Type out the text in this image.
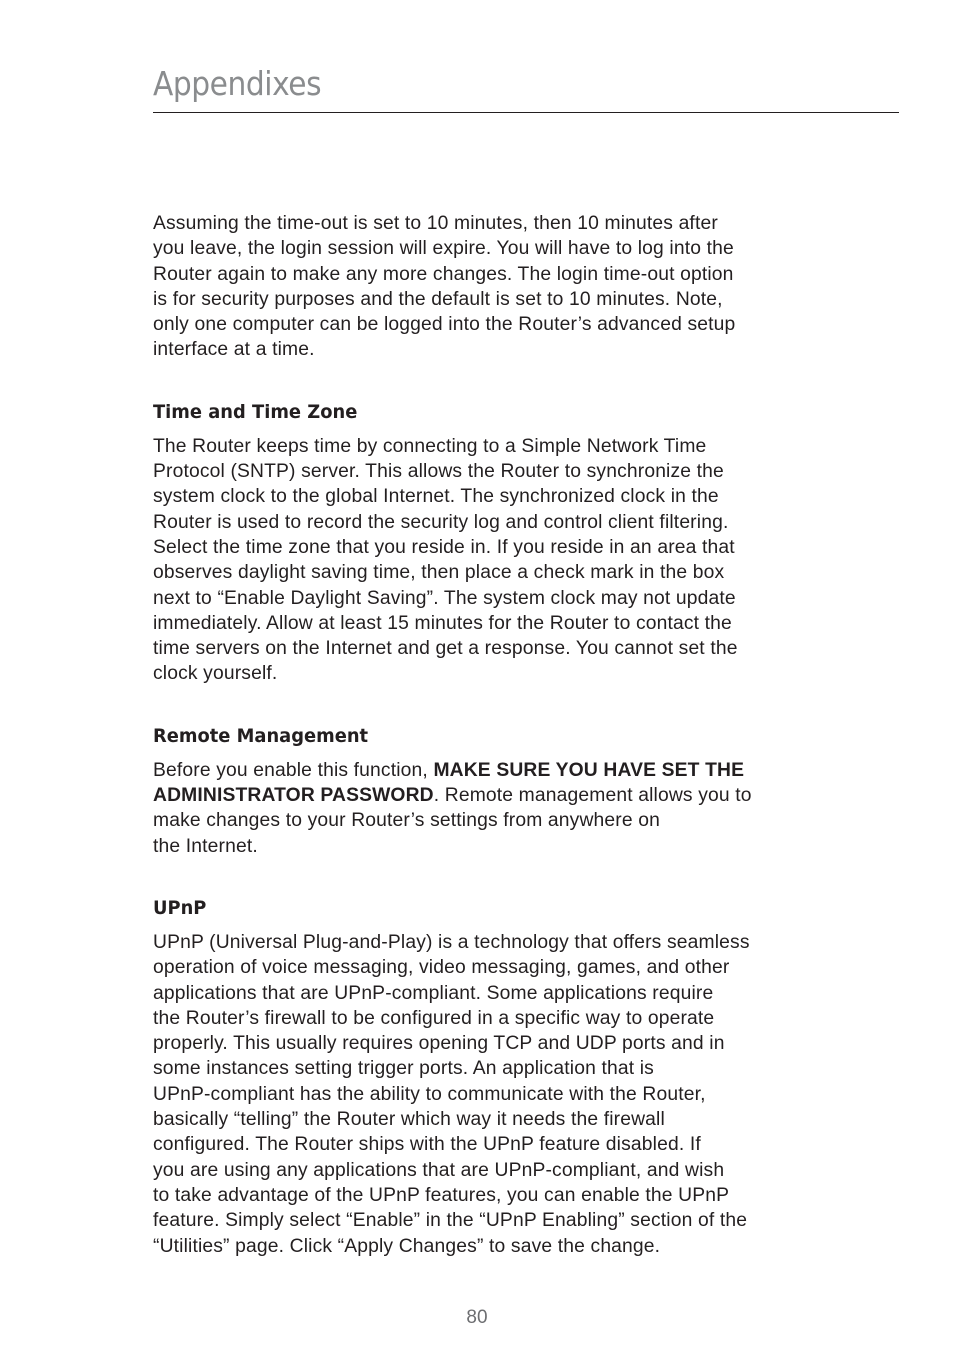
Appendixes

Assuming the time-out is set to 10 minutes, then 10 minutes after
you leave, the login session will expire. You will have to log into the
Router again to make any more changes. The login time-out option
is for security purposes and the default is set to 10 minutes. Note,
only one computer can be logged into the Router’s advanced setup
interface at a time.

Time and Time Zone

The Router keeps time by connecting to a Simple Network Time
Protocol (SNTP) server. This allows the Router to synchronize the
system clock to the global Internet. The synchronized clock in the
Router is used to record the security log and control client filtering.
Select the time zone that you reside in. If you reside in an area that
observes daylight saving time, then place a check mark in the box
next to “Enable Daylight Saving”. The system clock may not update
immediately. Allow at least 15 minutes for the Router to contact the
time servers on the Internet and get a response. You cannot set the
clock yourself.

Remote Management

Before you enable this function, MAKE SURE YOU HAVE SET THE
ADMINISTRATOR PASSWORD. Remote management allows you to
make changes to your Router’s settings from anywhere on
the Internet.

UPnP

UPnP (Universal Plug-and-Play) is a technology that offers seamless
operation of voice messaging, video messaging, games, and other
applications that are UPnP-compliant. Some applications require
the Router’s firewall to be configured in a specific way to operate
properly. This usually requires opening TCP and UDP ports and in
some instances setting trigger ports. An application that is
UPnP-compliant has the ability to communicate with the Router,
basically “telling” the Router which way it needs the firewall
configured. The Router ships with the UPnP feature disabled. If
you are using any applications that are UPnP-compliant, and wish
to take advantage of the UPnP features, you can enable the UPnP
feature. Simply select “Enable” in the “UPnP Enabling” section of the
“Utilities” page. Click “Apply Changes” to save the change.

80
